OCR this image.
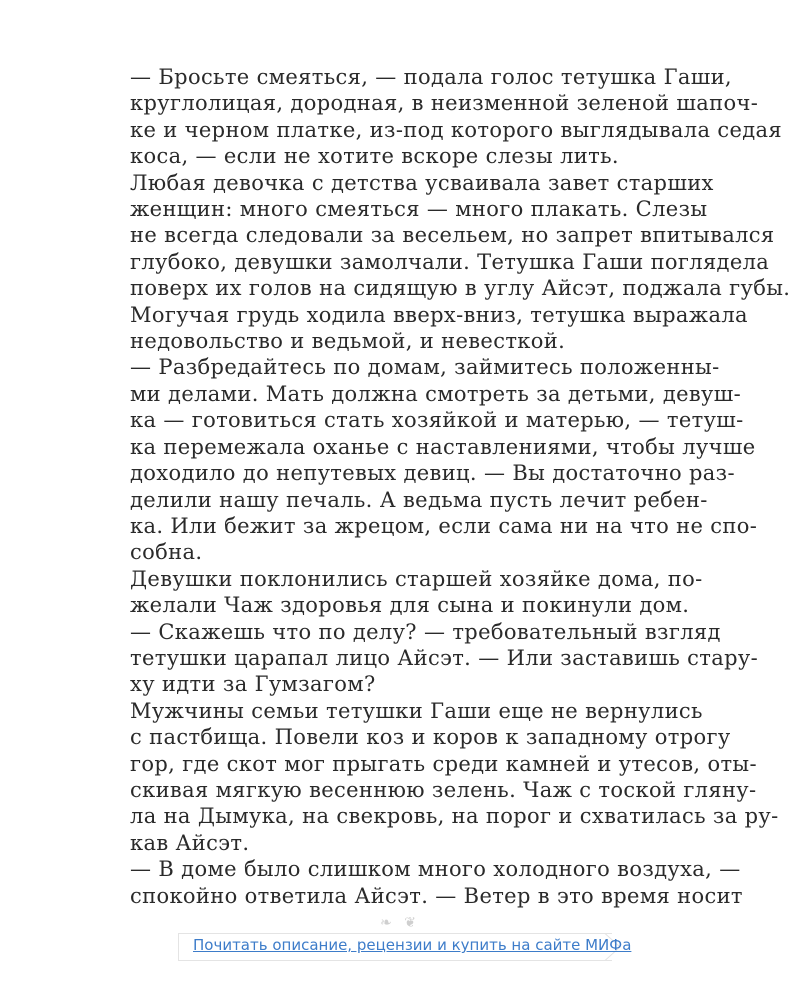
— Бросьте смеяться, — подала голос тетушка Гаши,
круглолицая, дородная, в неизменной зеленой шапоч-
ке и черном платке, из-под которого выглядывала седая
коса, — если не хотите вскоре слезы лить.
Любая девочка с детства усваивала завет старших
женщин: много смеяться — много плакать. Слезы
не всегда следовали за весельем, но запрет впитывался
глубоко, девушки замолчали. Тетушка Гаши поглядела
поверх их голов на сидящую в углу Айсэт, поджала губы.
Могучая грудь ходила вверх-вниз, тетушка выражала
недовольство и ведьмой, и невесткой.
— Разбредайтесь по домам, займитесь положенны-
ми делами. Мать должна смотреть за детьми, девуш-
ка — готовиться стать хозяйкой и матерью, — тетуш-
ка перемежала оханье с наставлениями, чтобы лучше
доходило до непутевых девиц. — Вы достаточно раз-
делили нашу печаль. А ведьма пусть лечит ребен-
ка. Или бежит за жрецом, если сама ни на что не спо-
собна.
Девушки поклонились старшей хозяйке дома, по-
желали Чаж здоровья для сына и покинули дом.
— Скажешь что по делу? — требовательный взгляд
тетушки царапал лицо Айсэт. — Или заставишь стару-
ху идти за Гумзагом?
Мужчины семьи тетушки Гаши еще не вернулись
с пастбища. Повели коз и коров к западному отрогу
гор, где скот мог прыгать среди камней и утесов, оты-
скивая мягкую весеннюю зелень. Чаж с тоской гляну-
ла на Дымука, на свекровь, на порог и схватилась за ру-
кав Айсэт.
— В доме было слишком много холодного воздуха, —
спокойно ответила Айсэт. — Ветер в это время носит
❧ ❦
Почитать описание, рецензии и купить на сайте МИФа
